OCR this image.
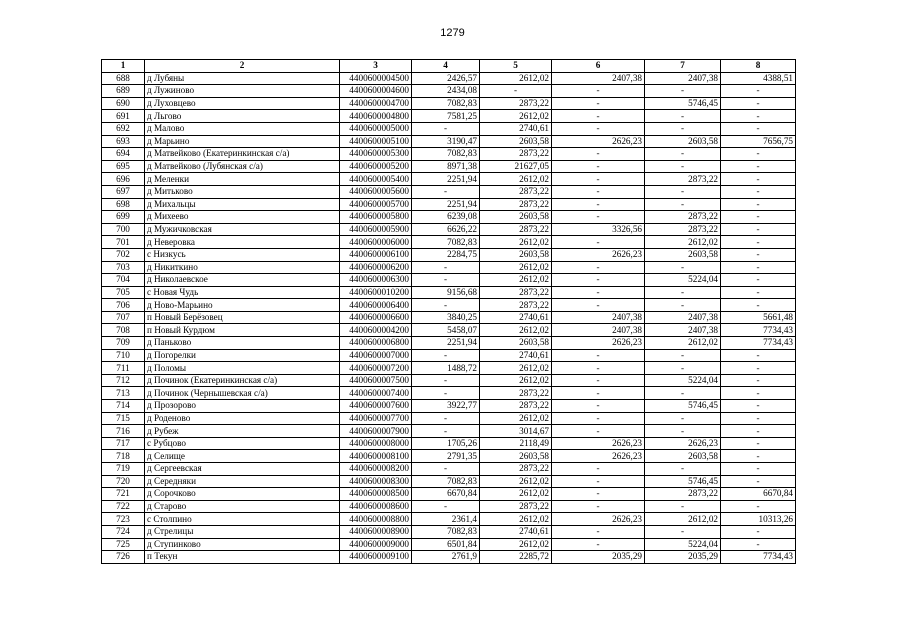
1279
1	2	3	4	5	6	7	8
688	д Лубяны	4400600004500	2426,57	2612,02	2407,38	2407,38	4388,51
689	д Лужиново	4400600004600	2434,08	-	-	-	-
690	д Луховцево	4400600004700	7082,83	2873,22	-	5746,45	-
691	д Льгово	4400600004800	7581,25	2612,02	-	-	-
692	д Малово	4400600005000	-	2740,61	-	-	-
693	д Марьино	4400600005100	3190,47	2603,58	2626,23	2603,58	7656,75
694	д Матвейково (Екатеринкинская с/а)	4400600005300	7082,83	2873,22	-	-	-
695	д Матвейково (Лубянская с/а)	4400600005200	8971,38	21627,05	-	-	-
696	д Меленки	4400600005400	2251,94	2612,02	-	2873,22	-
697	д Митьково	4400600005600	-	2873,22	-	-	-
698	д Михальцы	4400600005700	2251,94	2873,22	-	-	-
699	д Михеево	4400600005800	6239,08	2603,58	-	2873,22	-
700	д Мужичковская	4400600005900	6626,22	2873,22	3326,56	2873,22	-
701	д Неверовка	4400600006000	7082,83	2612,02	-	2612,02	-
702	с Низкусь	4400600006100	2284,75	2603,58	2626,23	2603,58	-
703	д Никиткино	4400600006200	-	2612,02	-	-	-
704	д Николаевское	4400600006300	-	2612,02	-	5224,04	-
705	с Новая Чудь	4400600010200	9156,68	2873,22	-	-	-
706	д Ново-Марьино	4400600006400	-	2873,22	-	-	-
707	п Новый Берёзовец	4400600006600	3840,25	2740,61	2407,38	2407,38	5661,48
708	п Новый Курдюм	4400600004200	5458,07	2612,02	2407,38	2407,38	7734,43
709	д Паньково	4400600006800	2251,94	2603,58	2626,23	2612,02	7734,43
710	д Погорелки	4400600007000	-	2740,61	-	-	-
711	д Поломы	4400600007200	1488,72	2612,02	-	-	-
712	д Починок (Екатеринкинская с/а)	4400600007500	-	2612,02	-	5224,04	-
713	д Починок (Чернышевская с/а)	4400600007400	-	2873,22	-	-	-
714	д Прозорово	4400600007600	3922,77	2873,22	-	5746,45	-
715	д Роденово	4400600007700	-	2612,02	-	-	-
716	д Рубеж	4400600007900	-	3014,67	-	-	-
717	с Рубцово	4400600008000	1705,26	2118,49	2626,23	2626,23	-
718	д Селище	4400600008100	2791,35	2603,58	2626,23	2603,58	-
719	д Сергеевская	4400600008200	-	2873,22	-	-	-
720	д Середняки	4400600008300	7082,83	2612,02	-	5746,45	-
721	д Сорочково	4400600008500	6670,84	2612,02	-	2873,22	6670,84
722	д Старово	4400600008600	-	2873,22	-	-	-
723	с Столпино	4400600008800	2361,4	2612,02	2626,23	2612,02	10313,26
724	д Стрелицы	4400600008900	7082,83	2740,61	-	-	-
725	д Ступинково	4400600009000	6501,84	2612,02	-	5224,04	-
726	п Текун	4400600009100	2761,9	2285,72	2035,29	2035,29	7734,43
